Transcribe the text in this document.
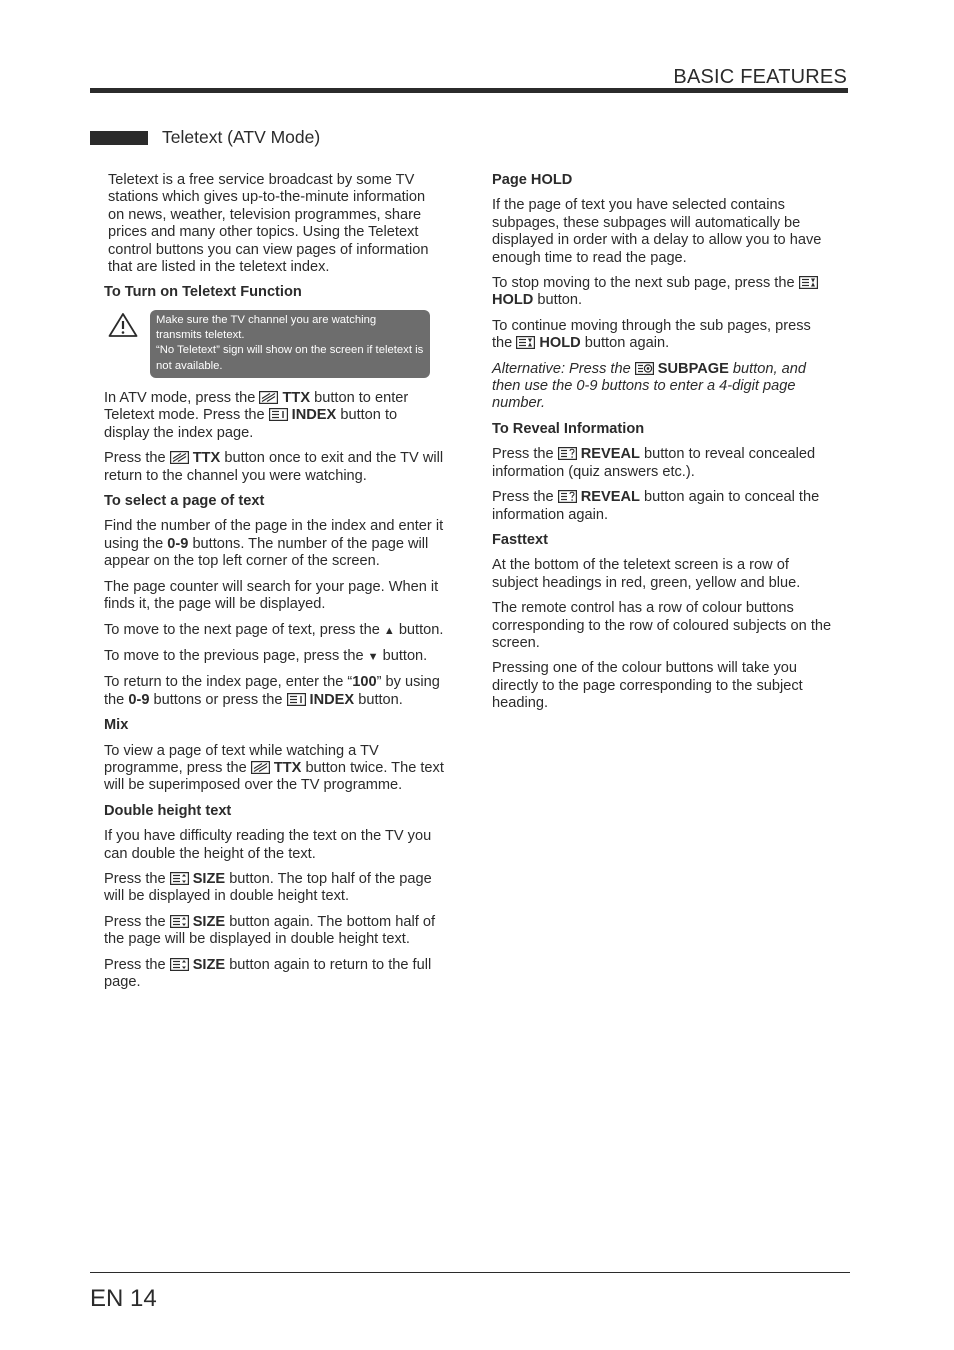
BASIC FEATURES
Teletext (ATV Mode)

Teletext is a free service broadcast by some TV stations which gives up-to-the-minute information on news, weather, television programmes, share prices and many other topics. Using the Teletext control buttons you can view pages of information that are listed in the teletext index.

To Turn on Teletext Function
Make sure the TV channel you are watching transmits teletext.
“No Teletext” sign will show on the screen if teletext is not available.

In ATV mode, press the
TTX button to enter Teletext mode. Press the
INDEX button to display the index page.

Press the
TTX button once to exit and the TV will return to the channel you were watching.

To select a page of text

Find the number of the page in the index and enter it using the 0-9 buttons. The number of the page will appear on the top left corner of the screen.

The page counter will search for your page. When it finds it, the page will be displayed.

To move to the next page of text, press the ▲ button.

To move to the previous page, press the ▼ button.

To return to the index page, enter the “100” by using the 0-9 buttons or press the
INDEX button.

Mix

To view a page of text while watching a TV programme, press the
TTX button twice. The text will be superimposed over the TV programme.

Double height text

If you have difficulty reading the text on the TV you can double the height of the text.

Press the
SIZE button. The top half of the page will be displayed in double height text.

Press the
SIZE button again. The bottom half of the page will be displayed in double height text.

Press the
SIZE button again to return to the full page.

Page HOLD

If the page of text you have selected contains subpages, these subpages will automatically be displayed in order with a delay to allow you to have enough time to read the page.

To stop moving to the next sub page, press the
HOLD button.

To continue moving through the sub pages, press the
HOLD button again.

Alternative: Press the
SUBPAGE button, and then use the 0-9 buttons to enter a 4-digit page number.

To Reveal Information

Press the
REVEAL button to reveal concealed information (quiz answers etc.).

Press the
REVEAL button again to conceal the information again.

Fasttext

At the bottom of the teletext screen is a row of subject headings in red, green, yellow and blue.

The remote control has a row of colour buttons corresponding to the row of coloured subjects on the screen.

Pressing one of the colour buttons will take you directly to the page corresponding to the subject heading.

EN 14
